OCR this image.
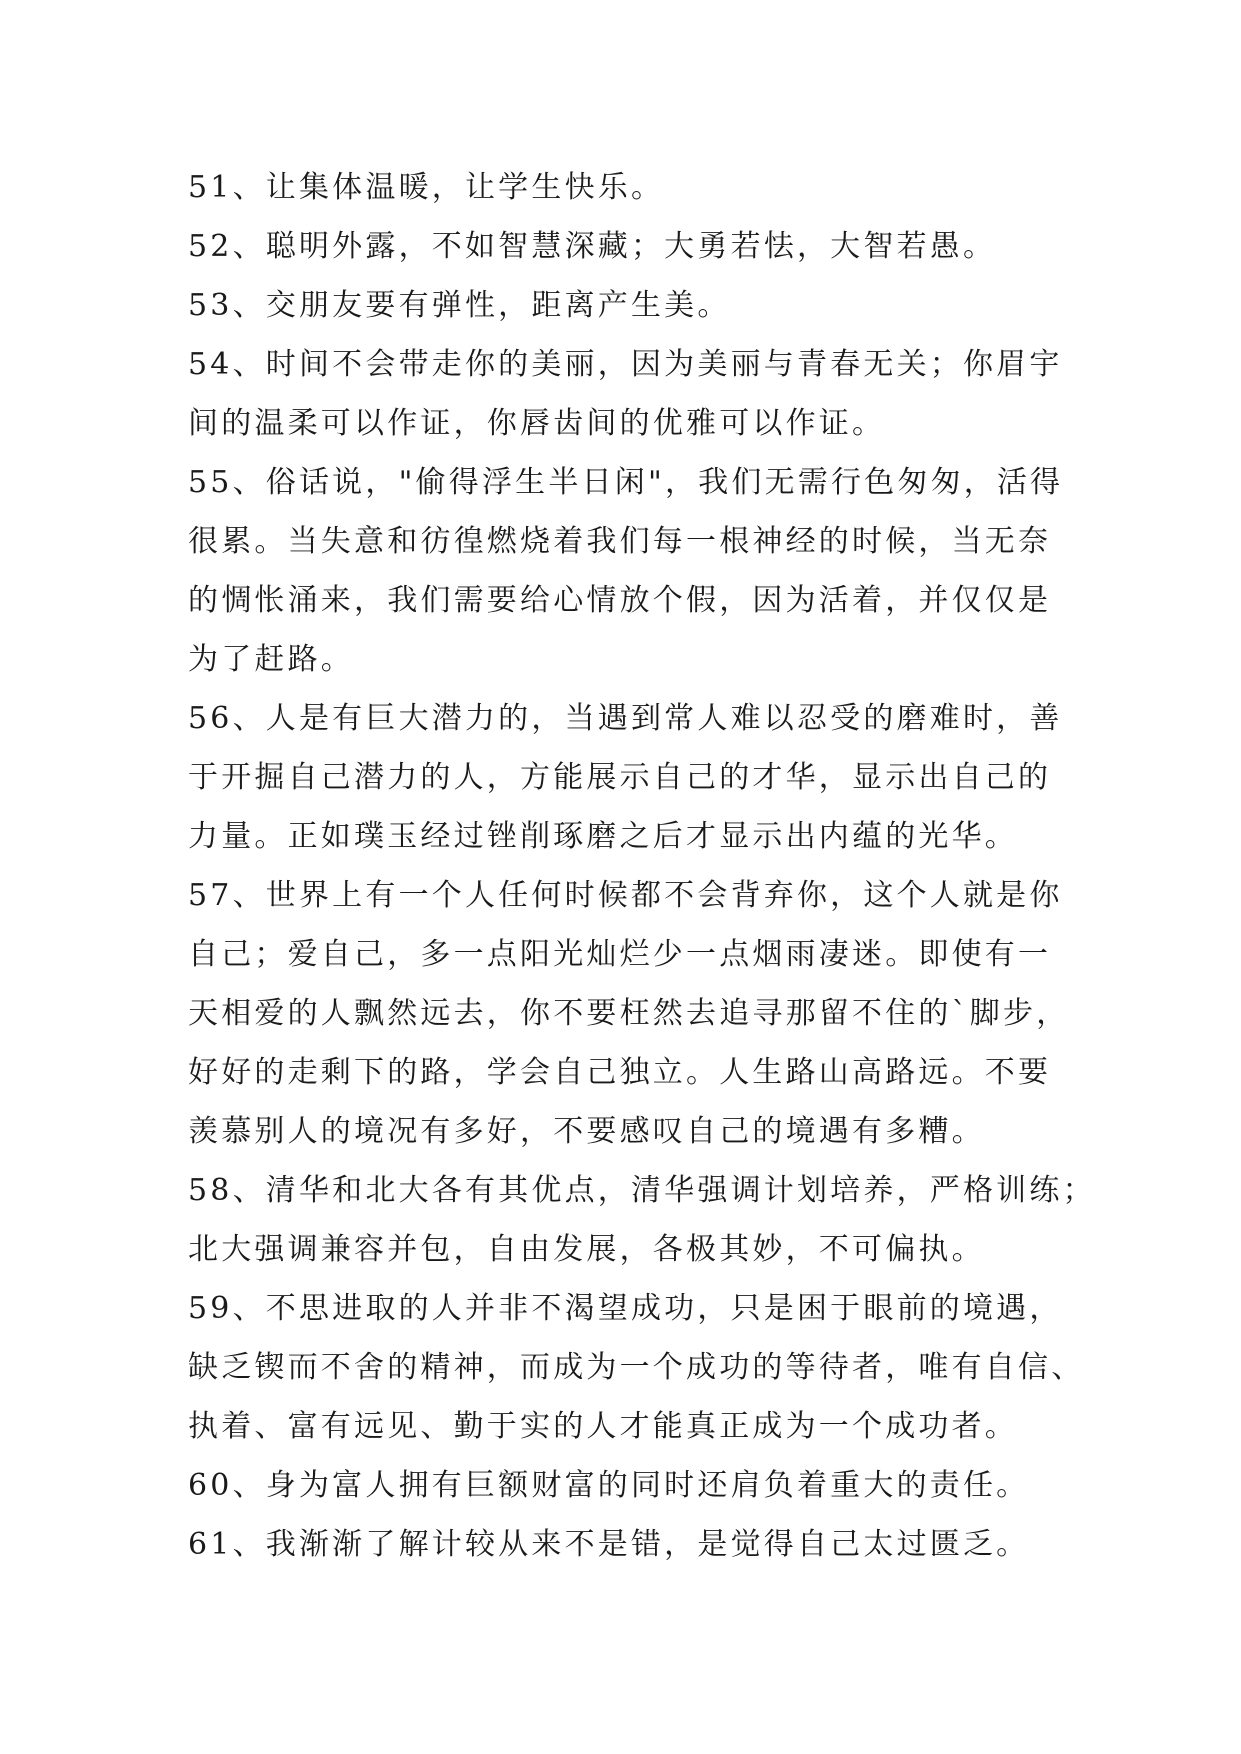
51、让集体温暖，让学生快乐。
52、聪明外露，不如智慧深藏；大勇若怯，大智若愚。
53、交朋友要有弹性，距离产生美。
54、时间不会带走你的美丽，因为美丽与青春无关；你眉宇
间的温柔可以作证，你唇齿间的优雅可以作证。
55、俗话说，"偷得浮生半日闲"，我们无需行色匆匆，活得
很累。当失意和彷徨燃烧着我们每一根神经的时候，当无奈
的惆怅涌来，我们需要给心情放个假，因为活着，并仅仅是
为了赶路。
56、人是有巨大潜力的，当遇到常人难以忍受的磨难时，善
于开掘自己潜力的人，方能展示自己的才华，显示出自己的
力量。正如璞玉经过锉削琢磨之后才显示出内蕴的光华。
57、世界上有一个人任何时候都不会背弃你，这个人就是你
自己；爱自己，多一点阳光灿烂少一点烟雨凄迷。即使有一
天相爱的人飘然远去，你不要枉然去追寻那留不住的`脚步，
好好的走剩下的路，学会自己独立。人生路山高路远。不要
羡慕别人的境况有多好，不要感叹自己的境遇有多糟。
58、清华和北大各有其优点，清华强调计划培养，严格训练；
北大强调兼容并包，自由发展，各极其妙，不可偏执。
59、不思进取的人并非不渴望成功，只是困于眼前的境遇，
缺乏锲而不舍的精神，而成为一个成功的等待者，唯有自信、
执着、富有远见、勤于实的人才能真正成为一个成功者。
60、身为富人拥有巨额财富的同时还肩负着重大的责任。
61、我渐渐了解计较从来不是错，是觉得自己太过匮乏。
